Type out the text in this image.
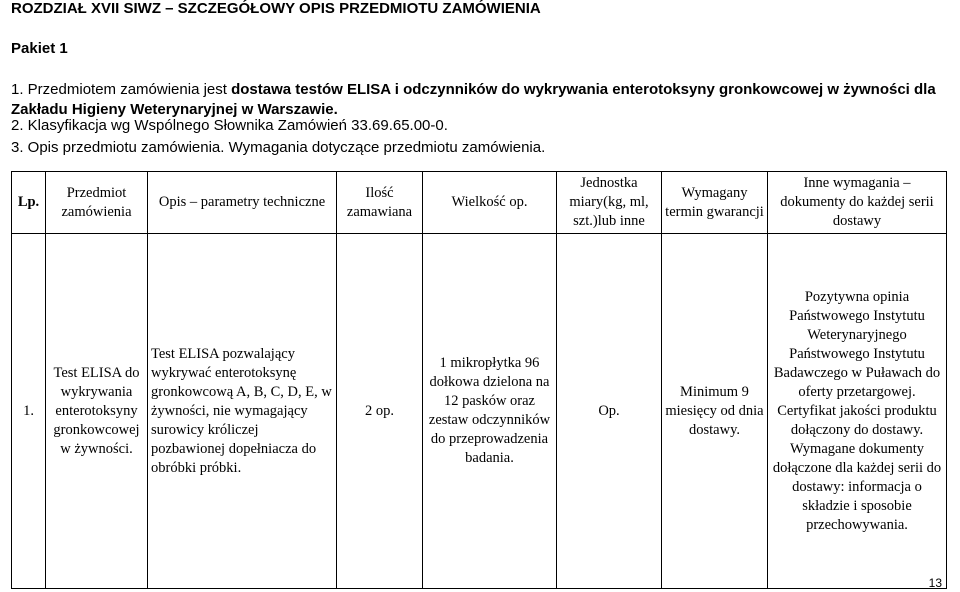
ROZDZIAŁ XVII SIWZ – SZCZEGÓŁOWY OPIS PRZEDMIOTU ZAMÓWIENIA
Pakiet 1
1. Przedmiotem zamówienia jest dostawa testów ELISA i odczynników do wykrywania enterotoksyny gronkowcowej w żywności dla Zakładu Higieny Weterynaryjnej w Warszawie.
2. Klasyfikacja wg Wspólnego Słownika Zamówień 33.69.65.00-0.
3. Opis przedmiotu zamówienia. Wymagania dotyczące przedmiotu zamówienia.
Lp.	Przedmiot zamówienia	Opis – parametry techniczne	Ilość zamawiana	Wielkość op.	Jednostka miary(kg, ml, szt.)lub inne	Wymagany termin gwarancji	Inne wymagania – dokumenty do każdej serii dostawy
1.	Test ELISA do wykrywania enterotoksyny gronkowcowej w żywności.	Test ELISA pozwalający wykrywać enterotoksynę gronkowcową A, B, C, D, E, w żywności, nie wymagający surowicy króliczej pozbawionej dopełniacza do obróbki próbki.	2 op.	1 mikropłytka 96 dołkowa dzielona na 12 pasków oraz zestaw odczynników do przeprowadzenia badania.	Op.	Minimum 9 miesięcy od dnia dostawy.	Pozytywna opinia Państwowego Instytutu Weterynaryjnego Państwowego Instytutu Badawczego w Puławach do oferty przetargowej. Certyfikat jakości produktu dołączony do dostawy. Wymagane dokumenty dołączone dla każdej serii do dostawy: informacja o składzie i sposobie przechowywania.
13
